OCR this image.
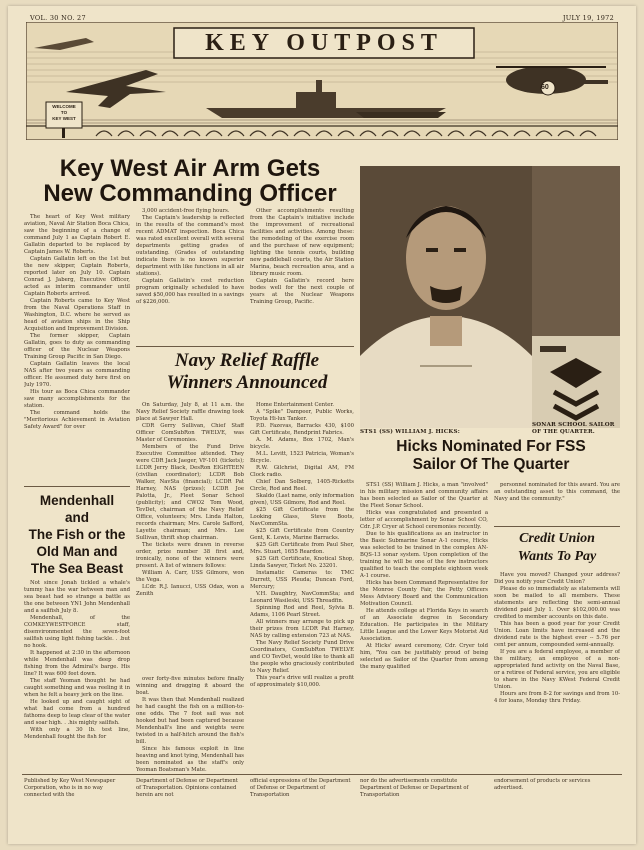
VOL. 30 NO. 27	JULY 19, 1972
KEY OUTPOST
WELCOME
TO
KEY WEST
60
Key West Air Arm Gets
New Commanding Officer

The heart of Key West military aviation, Naval Air Station Boca Chica, saw the beginning of a change of command July 1 as Captain Robert E. Gallatin departed to be replaced by Captain James W. Roberts.

Captain Gallatin left on the 1st but the new skipper, Captain Roberts, reported later on July 10. Captain Conrad J. Jaberg, Executive Officer, acted as interim commander until Captain Roberts arrived.

Captain Roberts came to Key West from the Naval Operations Staff in Washington, D.C. where he served as head of aviation ships in the Ship Acquisition and Improvement Division.

The former skipper, Captain Gallatin, goes to duty as commanding officer of the Nuclear Weapons Training Group Pacific in San Diego.

Captain Gallatin leaves the local NAS after two years as commanding officer. He assumed duty here first on July 1970.

His tour as Boca Chica commander saw many accomplishments for the station.

The command holds the "Meritorious Achievement in Aviation Safety Award" for over

3,000 accident-free flying hours.

The Captain's leadership is reflected in the results of the command's most recent ADMAT inspection. Boca Chica was rated excellent overall with several departments getting grades of outstanding. (Grades of outstanding indicate there is no known superior department with like functions in all air stations).

Captain Gallatin's cost reduction program originally scheduled to have saved $50,000 has resulted in a savings of $226,000.

Other accomplishments resulting from the Captain's initiative include the improvement of recreational facilities and activities. Among these: the remodeling of the exercise room and the purchase of new equipment; lighting the tennis courts, building new paddleball courts, the Air Station Marina, beach recreation area, and a library music room.

Captain Gallatin's record here bodes well for the next couple of years at the Nuclear Weapons Training Group, Pacific.

STS1 (SS) WILLIAM J. HICKS:
SONAR SCHOOL SAILOR OF THE QUARTER.
Mendenhall
and
The Fish or the
Old Man and
The Sea Beast

Not since Jonah tickled a whale's tummy has the war between man and sea beast had so strange a battle as the one between YN1 John Mendenhall and a sailfish July 8.

Mendenhall, of the COMKEYWESTFORCE staff, disenvironmented the seven-foot sailfish using light fishing tackle. . .but no hook.

It happened at 2:30 in the afternoon while Mendenhall was deep drop fishing from the Admiral's barge. His line? It was 600 feet down.

The staff Yeoman thought he had caught something and was reeling it in when he felt a heavy jerk on the line.

He looked up and caught sight of what had come from a hundred fathoms deep to leap clear of the water and soar high. . .his mighty sailfish.

With only a 30 lb. test line, Mendenhall fought the fish for

over forty-five minutes before finally winning and dragging it aboard the boat.

It was then that Mendenhall realized he had caught the fish on a million-to-one odds. The 7 foot sail was not hooked but had been captured because Mendenhall's line and weights were twisted in a half-hitch around the fish's bill.

Since his famous exploit in line heaving and knot tying, Mendenhall has been nominated as the staff's only Yeoman Boatsman's Mate.

Navy Relief Raffle
Winners Announced

On Saturday, July 8, at 11 a.m. the Navy Relief Society raffle drawing took place at Sawyer Hall.

CDR Gerry Sullivan, Chief Staff Officer ComSubRon TWELVE, was Master of Ceremonies.

Members of the Fund Drive Executive Committee attended. They were CDR Jack Jaeger, VF-101 (tickets); LCDR Jerry Black, DesRon EIGHTEEN (civilian coordinator); LCDR Bob Walker, NavSta (financial); LCDR Pat Harney, NAS (prizes); LCDR Joe Palotta, Jr., Fleet Sonar School (publicity); and CWO2 Tom Wood, TevDet, chairman of the Navy Relief Office, volunteers; Mrs. Linda Halton, records chairman; Mrs. Carole Safford, Layette chairman; and Mrs. Lee Sullivan, thrift shop chairman.

The tickets were drawn in reverse order, prize number 38 first and, ironically, none of the winners were present. A list of winners follows:

William A. Carr, USS Gilmore, won the Vega.

LCdr. R.J. Ianucci, USS Odax, won a Zenith

Home Entertainment Center.

A "Spike" Dampeer, Public Works, Toyota Hi-lux Tanker.

P.D. Fazevas, Barracks 430, $100 Gift Certificate, Rendprint Fabrics.

A. M. Adams, Box 1702, Man's bicycle.

M.L. Levitt, 1523 Patricia, Woman's Bicycle.

R.W. Gilchrist, Digital AM, FM Clock radio.

Chief Dan Solberg, 1405-Ricketts Circle, Rod and Reel.

Skaldo (Last name, only information given), USS Gilmore, Rod and Reel.

$25 Gift Certificate from the Looking Glass, Steve Boots, NavCommSta.

$25 Gift Certificate from Country Gent, K. Lewis, Marine Barracks.

$25 Gift Certificate from Paul Sher, Mrs. Stuart, 1655 Reardon.

$25 Gift Certificate, Knotical Shop, Linda Sawyer, Ticket No. 23201.

Instamatic Cameras to: TMC Durrett, USS Pleuda; Duncan Ford, Mercury;

V.H. Daughtry, NavCommSta; and Leonard Wasileski, USS Threadfin.

Spinning Rod and Reel, Sylvia B. Adams, 1106 Pearl Street.

All winners may arrange to pick up their prizes from LCDR Pat Harney, NAS by calling extension 723 at NAS.

The Navy Relief Society Fund Drive Coordinators, ComSubRon TWELVE and CO TevDet, would like to thank all the people who graciously contributed to Navy Relief.

This year's drive will realize a profit of approximately $10,000.

Hicks Nominated For FSS
Sailor Of The Quarter

STS1 (SS) William J. Hicks, a man "involved" in his military mission and community affairs has been selected as Sailor of the Quarter at the Fleet Sonar School.

Hicks was congratulated and presented a letter of accomplishment by Sonar School CO, Cdr. J.P. Cryer at School ceremonies recently.

Due to his qualifications as an instructor in the Basic Submarine Sonar A-1 course, Hicks was selected to be trained in the complex AN-BQS-13 sonar system. Upon completion of the training he will be one of the few instructors qualified to teach the complete eighteen week A-1 course.

Hicks has been Command Representative for the Monroe County Fair, the Petty Officers Mess Advisory Board and the Communication Motivation Council.

He attends college at Florida Keys in search of an Associate degree in Secondary Education. He participates in the Military Little League and the Lower Keys Motorist Aid Association.

At Hicks' award ceremony, Cdr. Cryer told him, "You can be justifiably proud of being selected as Sailor of the Quarter from among the many qualified

personnel nominated for this award. You are an outstanding asset to this command, the Navy and the community."

Credit Union
Wants To Pay

Have you moved? Changed your address? Did you notify your Credit Union?

Please do so immediately as statements will soon be mailed to all members. These statements are reflecting the semi-annual dividend paid July 1. Over $102,000.00 was credited to member accounts on this date.

This has been a good year for your Credit Union. Loan limits have increased and the dividend rate is the highest ever -- 5.76 per cent per annum, compounded semi-annually.

If you are a federal employee, a member of the military, an employee of a non-appropriated fund activity on the Naval Base, or a retiree of Federal service, you are eligible to share in the Navy KWest Federal Credit Union.

Hours are from 8-2 for savings and from 10-4 for loans, Monday thru Friday.

Published by Key West Newspaper Corporation, who is in no way connected with the
Department of Defense or Department of Transportation. Opinions contained herein are not
official expressions of the Department of Defense or Department of Transportation
nor do the advertisements constitute Department of Defense or Department of Transportation
endorsement of products or services advertised.
